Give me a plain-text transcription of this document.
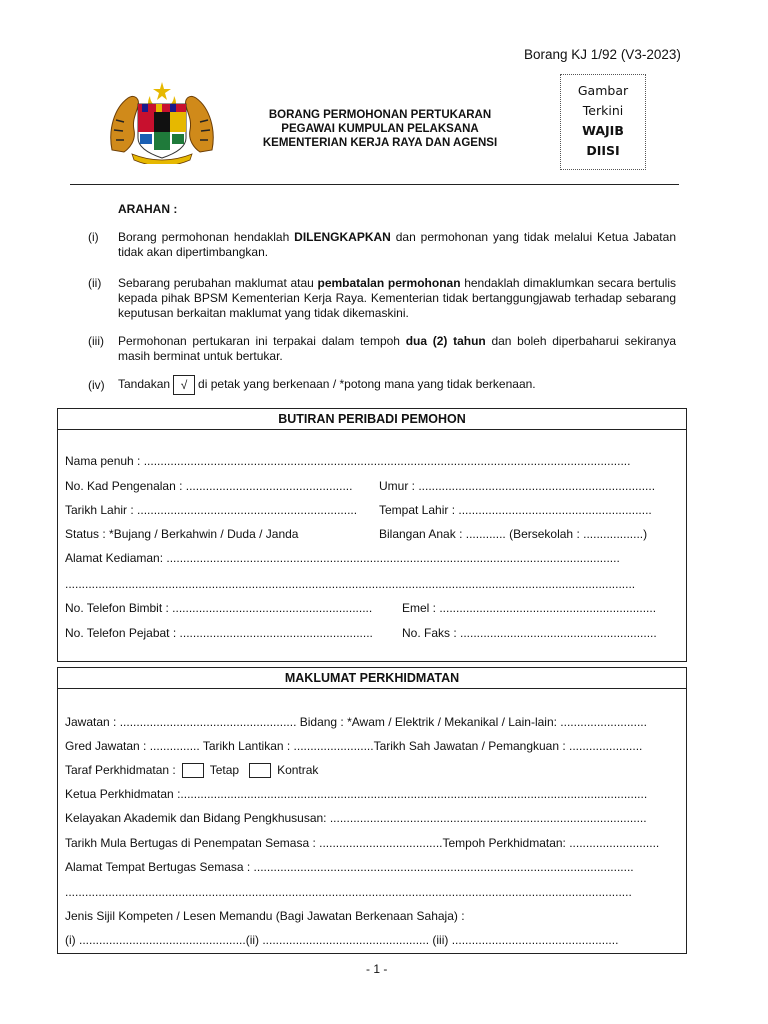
Borang KJ 1/92 (V3-2023)
BORANG PERMOHONAN PERTUKARAN
PEGAWAI KUMPULAN PELAKSANA
KEMENTERIAN KERJA RAYA DAN AGENSI
Gambar
Terkini
WAJIB
DIISI
ARAHAN :
(i) Borang permohonan hendaklah DILENGKAPKAN dan permohonan yang tidak melalui Ketua Jabatan tidak akan dipertimbangkan.
(ii) Sebarang perubahan maklumat atau pembatalan permohonan hendaklah dimaklumkan secara bertulis kepada pihak BPSM Kementerian Kerja Raya. Kementerian tidak bertanggungjawab terhadap sebarang keputusan berkaitan maklumat yang tidak dikemaskini.
(iii) Permohonan pertukaran ini terpakai dalam tempoh dua (2) tahun dan boleh diperbaharui sekiranya masih berminat untuk bertukar.
(iv) Tandakan √ di petak yang berkenaan / *potong mana yang tidak berkenaan.
BUTIRAN PERIBADI PEMOHON
Nama penuh : ..................................................................................................................................................
No. Kad Pengenalan : .................................................. Umur : .......................................................................
Tarikh Lahir : .................................................................. Tempat Lahir : ..........................................................
Status : *Bujang / Berkahwin / Duda / Janda	Bilangan Anak : ............ (Bersekolah : ..................)
Alamat Kediaman: ........................................................................................................................................
...........................................................................................................................................................................
No. Telefon Bimbit : ............................................................ Emel : .................................................................
No. Telefon Pejabat : .......................................................... No. Faks : ...........................................................
MAKLUMAT PERKHIDMATAN
Jawatan : ..................................................... Bidang : *Awam / Elektrik / Mekanikal / Lain-lain: ..........................
Gred Jawatan : ............... Tarikh Lantikan : ........................Tarikh Sah Jawatan / Pemangkuan : ......................
Taraf Perkhidmatan :	Tetap	Kontrak
Ketua Perkhidmatan :............................................................................................................................................
Kelayakan Akademik dan Bidang Pengkhususan: ...............................................................................................
Tarikh Mula Bertugas di Penempatan Semasa : .....................................Tempoh Perkhidmatan: ...........................
Alamat Tempat Bertugas Semasa : ..................................................................................................................
..........................................................................................................................................................................
Jenis Sijil Kompeten / Lesen Memandu (Bagi Jawatan Berkenaan Sahaja) :
(i) ..................................................(ii) .................................................. (iii) ..................................................
- 1 -
